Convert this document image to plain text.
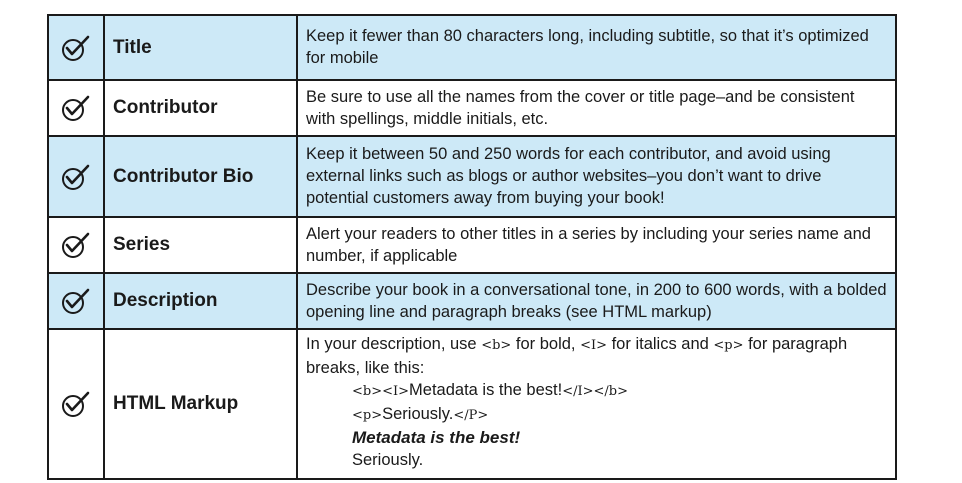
	Title	Keep it fewer than 80 characters long, including subtitle, so that it’s optimized for mobile

	Contributor	Be sure to use all the names from the cover or title page–and be consistent with spellings, middle initials, etc.

	Contributor Bio	Keep it between 50 and 250 words for each contributor, and avoid using external links such as blogs or author websites–you don’t want to drive potential customers away from buying your book!

	Series	Alert your readers to other titles in a series by including your series name and number, if applicable

	Description	Describe your book in a conversational tone, in 200 to 600 words, with a bolded opening line and paragraph breaks (see HTML markup)

	HTML Markup	In your description, use <b> for bold, <I> for italics and <p> for paragraph breaks, like this:
<b><I>Metadata is the best!</I></b>
<p>Seriously.</P>
Metadata is the best!
Seriously.
